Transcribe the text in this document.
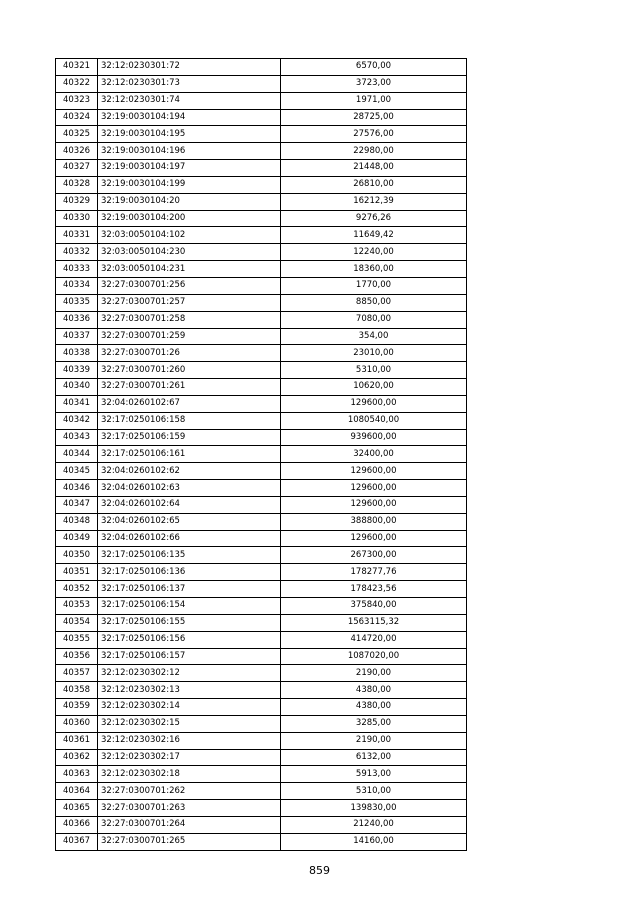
40321	32:12:0230301:72	6570,00
40322	32:12:0230301:73	3723,00
40323	32:12:0230301:74	1971,00
40324	32:19:0030104:194	28725,00
40325	32:19:0030104:195	27576,00
40326	32:19:0030104:196	22980,00
40327	32:19:0030104:197	21448,00
40328	32:19:0030104:199	26810,00
40329	32:19:0030104:20	16212,39
40330	32:19:0030104:200	9276,26
40331	32:03:0050104:102	11649,42
40332	32:03:0050104:230	12240,00
40333	32:03:0050104:231	18360,00
40334	32:27:0300701:256	1770,00
40335	32:27:0300701:257	8850,00
40336	32:27:0300701:258	7080,00
40337	32:27:0300701:259	354,00
40338	32:27:0300701:26	23010,00
40339	32:27:0300701:260	5310,00
40340	32:27:0300701:261	10620,00
40341	32:04:0260102:67	129600,00
40342	32:17:0250106:158	1080540,00
40343	32:17:0250106:159	939600,00
40344	32:17:0250106:161	32400,00
40345	32:04:0260102:62	129600,00
40346	32:04:0260102:63	129600,00
40347	32:04:0260102:64	129600,00
40348	32:04:0260102:65	388800,00
40349	32:04:0260102:66	129600,00
40350	32:17:0250106:135	267300,00
40351	32:17:0250106:136	178277,76
40352	32:17:0250106:137	178423,56
40353	32:17:0250106:154	375840,00
40354	32:17:0250106:155	1563115,32
40355	32:17:0250106:156	414720,00
40356	32:17:0250106:157	1087020,00
40357	32:12:0230302:12	2190,00
40358	32:12:0230302:13	4380,00
40359	32:12:0230302:14	4380,00
40360	32:12:0230302:15	3285,00
40361	32:12:0230302:16	2190,00
40362	32:12:0230302:17	6132,00
40363	32:12:0230302:18	5913,00
40364	32:27:0300701:262	5310,00
40365	32:27:0300701:263	139830,00
40366	32:27:0300701:264	21240,00
40367	32:27:0300701:265	14160,00
859
